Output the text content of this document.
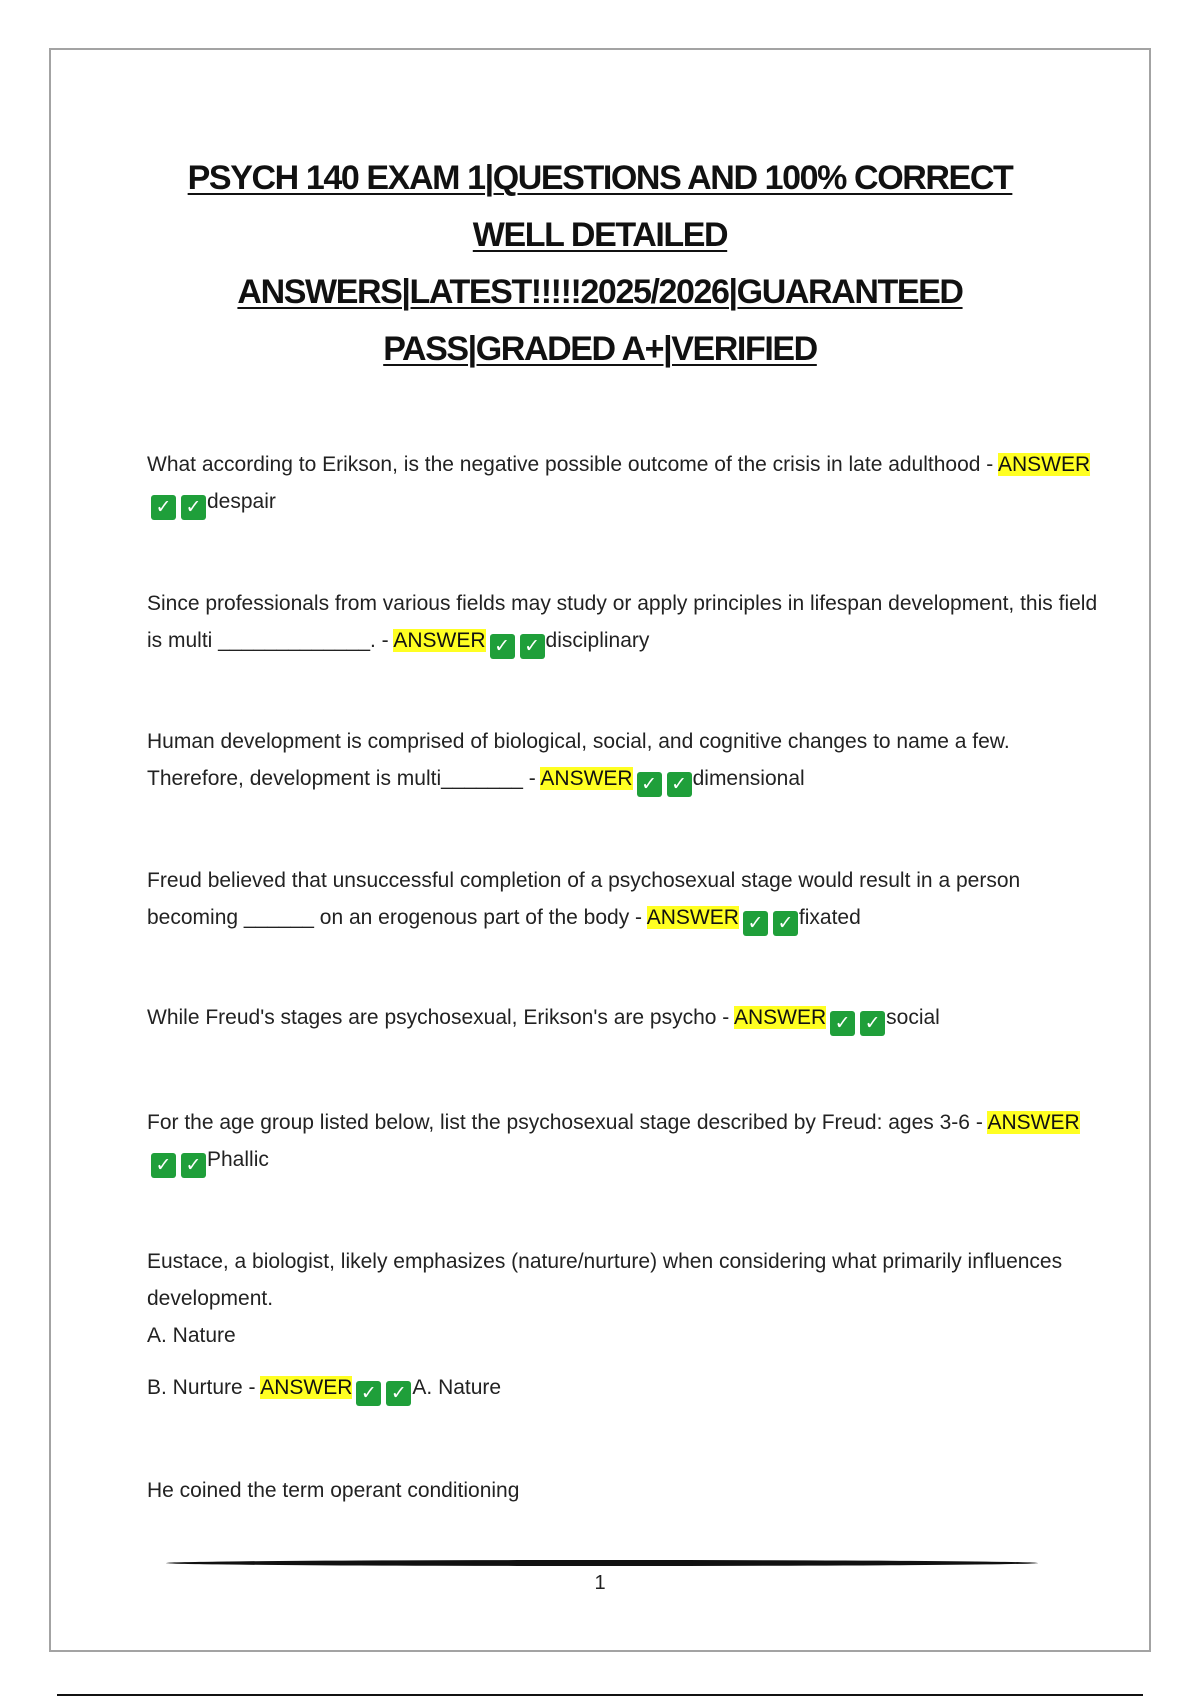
PSYCH 140 EXAM 1|QUESTIONS AND 100% CORRECT
WELL DETAILED
ANSWERS|LATEST!!!!!2025/2026|GUARANTEED
PASS|GRADED A+|VERIFIED

What according to Erikson, is the negative possible outcome of the crisis in late adulthood - ANSWER✓ ✓ despair

Since professionals from various fields may study or apply principles in lifespan development, this field is multi _____________. - ANSWER ✓ ✓ disciplinary

Human development is comprised of biological, social, and cognitive changes to name a few. Therefore, development is multi_______ - ANSWER ✓ ✓ dimensional

Freud believed that unsuccessful completion of a psychosexual stage would result in a person becoming ______ on an erogenous part of the body - ANSWER ✓ ✓ fixated

While Freud's stages are psychosexual, Erikson's are psycho - ANSWER ✓ ✓ social

For the age group listed below, list the psychosexual stage described by Freud: ages 3-6 - ANSWER✓ ✓ Phallic

Eustace, a biologist, likely emphasizes (nature/nurture) when considering what primarily influences development.

A. Nature
B. Nurture - ANSWER ✓ ✓ A. Nature

He coined the term operant conditioning

1
